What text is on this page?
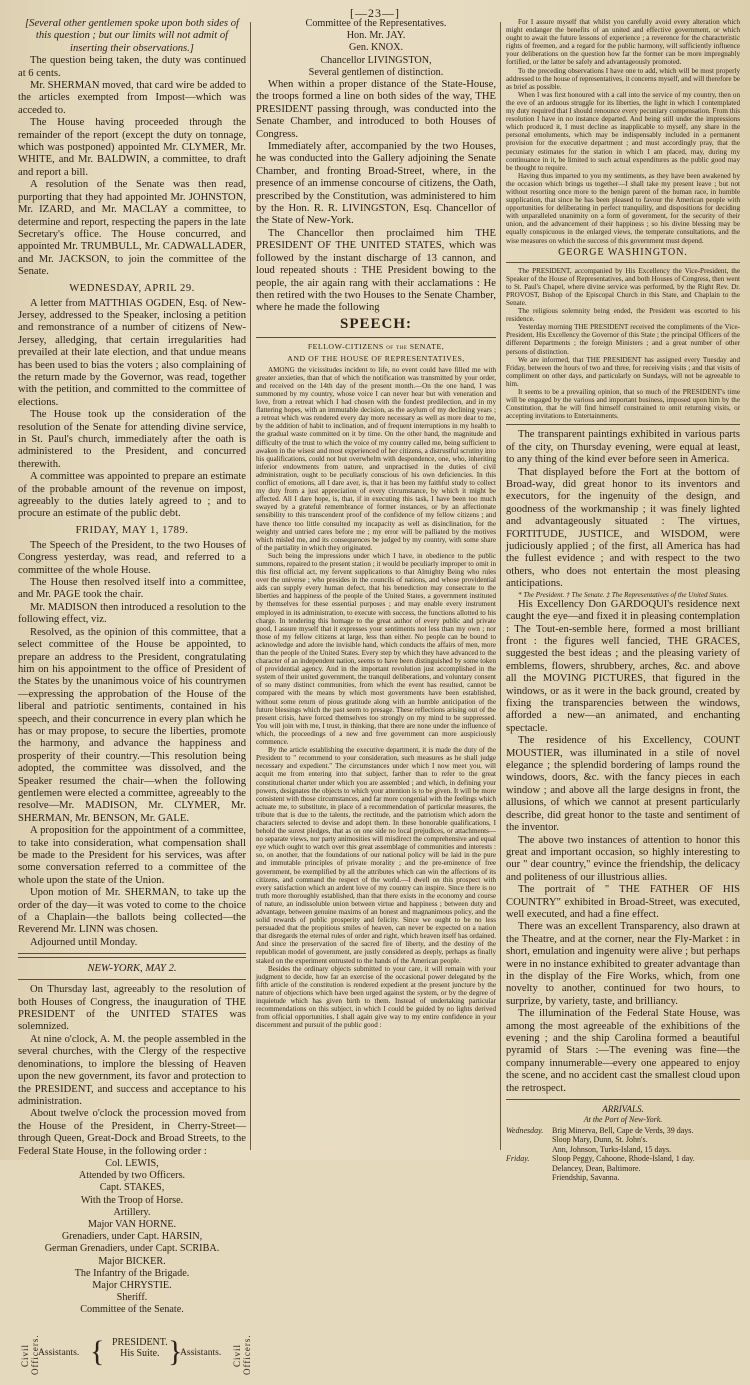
[—23—]

[Several other gentlemen spoke upon both sides of this question ; but our limits will not admit of inserting their observations.]

The question being taken, the duty was continued at 6 cents.

Mr. SHERMAN moved, that card wire be added to the articles exempted from Impost—which was acceded to.

The House having proceeded through the remainder of the report (except the duty on tonnage, which was postponed) appointed Mr. CLYMER, Mr. WHITE, and Mr. BALDWIN, a committee, to draft and report a bill.

A resolution of the Senate was then read, purporting that they had appointed Mr. JOHNSTON, Mr. IZARD, and Mr. MACLAY a committee, to determine and report, respecting the papers in the late Secretary's office. The House concurred, and appointed Mr. TRUMBULL, Mr. CADWALLADER, and Mr. JACKSON, to join the committee of the Senate.

WEDNESDAY, APRIL 29.

A letter from MATTHIAS OGDEN, Esq. of New-Jersey, addressed to the Speaker, inclosing a petition and remonstrance of a number of citizens of New-Jersey, alledging, that certain irregularities had prevailed at their late election, and that undue means has been used to bias the voters ; also complaining of the return made by the Governor, was read, together with the petition, and committed to the committee of elections.

The House took up the consideration of the resolution of the Senate for attending divine service, in St. Paul's church, immediately after the oath is administered to the President, and concurred therewith.

A committee was appointed to prepare an estimate of the probable amount of the revenue on impost, agreeably to the duties lately agreed to ; and to procure an estimate of the public debt.

FRIDAY, MAY 1, 1789.

The Speech of the President, to the two Houses of Congress yesterday, was read, and referred to a committee of the whole House.

The House then resolved itself into a committee, and Mr. PAGE took the chair.

Mr. MADISON then introduced a resolution to the following effect, viz.

Resolved, as the opinion of this committee, that a select committee of the House be appointed, to prepare an address to the President, congratulating him on his appointment to the office of President of the States by the unanimous voice of his countrymen—expressing the approbation of the House of the liberal and patriotic sentiments, contained in his speech, and their concurrence in every plan which he has or may propose, to secure the liberties, promote the harmony, and advance the happiness and prosperity of their country.—This resolution being adopted, the committee was dissolved, and the Speaker resumed the chair—when the following gentlemen were elected a committee, agreeably to the resolve—Mr. MADISON, Mr. CLYMER, Mr. SHERMAN, Mr. BENSON, Mr. GALE.

A proposition for the appointment of a committee, to take into consideration, what compensation shall be made to the President for his services, was after some conversation referred to a committee of the whole upon the state of the Union.

Upon motion of Mr. SHERMAN, to take up the order of the day—it was voted to come to the choice of a Chaplain—the ballots being collected—the Reverend Mr. LINN was chosen.

Adjourned until Monday.

NEW-YORK, MAY 2.

On Thursday last, agreeably to the resolution of both Houses of Congress, the inauguration of THE PRESIDENT of the UNITED STATES was solemnized.

At nine o'clock, A. M. the people assembled in the several churches, with the Clergy of the respective denominations, to implore the blessing of Heaven upon the new government, its favor and protection to the PRESIDENT, and success and acceptance to his administration.

About twelve o'clock the procession moved from the House of the President, in Cherry-Street—through Queen, Great-Dock and Broad Streets, to the Federal State House, in the following order :

Col. LEWIS,
Attended by two Officers.
Capt. STAKES,
With the Troop of Horse.
Artillery.
Major VAN HORNE.
Grenadiers, under Capt. HARSIN,
German Grenadiers, under Capt. SCRIBA.
Major BICKER.
The Infantry of the Brigade.
Major CHRYSTIE.
Sheriff.
Committee of the Senate.
Civil Officers.
Assistants. { PRESIDENT.
His Suite. }
Assistants. Civil Officers.
Committee of the Representatives.
Hon. Mr. JAY.
Gen. KNOX.
Chancellor LIVINGSTON,
Several gentlemen of distinction.

When within a proper distance of the State-House, the troops formed a line on both sides of the way, THE PRESIDENT passing through, was conducted into the Senate Chamber, and introduced to both Houses of Congress.

Immediately after, accompanied by the two Houses, he was conducted into the Gallery adjoining the Senate Chamber, and fronting Broad-Street, where, in the presence of an immense concourse of citizens, the Oath, prescribed by the Constitution, was administered to him by the Hon. R. R. LIVINGSTON, Esq. Chancellor of the State of New-York.

The Chancellor then proclaimed him THE PRESIDENT OF THE UNITED STATES, which was followed by the instant discharge of 13 cannon, and loud repeated shouts : THE President bowing to the people, the air again rang with their acclamations : He then retired with the two Houses to the Senate Chamber, where he made the following

SPEECH:
FELLOW-CITIZENS of the SENATE,
AND OF THE HOUSE OF REPRESENTATIVES,

AMONG the vicissitudes incident to life, no event could have filled me with greater anxieties, than that of which the notification was transmitted by your order, and received on the 14th day of the present month.—On the one hand, I was summoned by my country, whose voice I can never hear but with veneration and love, from a retreat which I had chosen with the fondest predilection, and in my flattering hopes, with an immutable decision, as the asylum of my declining years ; a retreat which was rendered every day more necessary as well as more dear to me, by the addition of habit to inclination, and of frequent interruptions in my health to the gradual waste committed on it by time. On the other hand, the magnitude and difficulty of the trust to which the voice of my country called me, being sufficient to awaken in the wisest and most experienced of her citizens, a distrustful scrutiny into his qualifications, could not but overwhelm with despondence, one, who, inheriting inferior endowments from nature, and unpractised in the duties of civil administration, ought to be peculiarly conscious of his own deficiencies. In this conflict of emotions, all I dare aver, is, that it has been my faithful study to collect my duty from a just appreciation of every circumstance, by which it might be affected. All I dare hope, is, that, if in executing this task, I have been too much swayed by a grateful remembrance of former instances, or by an affectionate sensibility to this transcendent proof of the confidence of my fellow citizens ; and have thence too little consulted my incapacity as well as disinclination, for the weighty and untried cares before me ; my error will be palliated by the motives which misled me, and its consequences be judged by my country, with some share of the partiality in which they originated.

Such being the impressions under which I have, in obedience to the public summons, repaired to the present station ; it would be peculiarly improper to omit in this first official act, my fervent supplications to that Almighty Being who rules over the universe ; who presides in the councils of nations, and whose providential aids can supply every human defect, that his benediction may consecrate to the liberties and happiness of the people of the United States, a government instituted by themselves for these essential purposes ; and may enable every instrument employed in its administration, to execute with success, the functions allotted to his charge. In tendering this homage to the great author of every public and private good, I assure myself that it expresses your sentiments not less than my own ; nor those of my fellow citizens at large, less than either. No people can be bound to acknowledge and adore the invisible hand, which conducts the affairs of men, more than the people of the United States. Every step by which they have advanced to the character of an independent nation, seems to have been distinguished by some token of providential agency. And in the important revolution just accomplished in the system of their united government, the tranquil deliberations, and voluntary consent of so many distinct communities, from which the event has resulted, cannot be compared with the means by which most governments have been established, without some return of pious gratitude along with an humble anticipation of the future blessings which the past seem to presage. These reflections arising out of the present crisis, have forced themselves too strongly on my mind to be suppressed. You will join with me, I trust, in thinking, that there are none under the influence of which, the proceedings of a new and free government can more auspiciously commence.

By the article establishing the executive department, it is made the duty of the President to " recommend to your consideration, such measures as he shall judge necessary and expedient." The circumstances under which I now meet you, will acquit me from entering into that subject, farther than to refer to the great constitutional charter under which you are assembled ; and which, in defining your powers, designates the objects to which your attention is to be given. It will be more consistent with those circumstances, and far more congenial with the feelings which actuate me, to substitute, in place of a recommendation of particular measures, the tribute that is due to the talents, the rectitude, and the patriotism which adorn the characters selected to devise and adopt them. In these honorable qualifications, I behold the surest pledges, that as on one side no local prejudices, or attachments—no separate views, nor party animosities will misdirect the comprehensive and equal eye which ought to watch over this great assemblage of communities and interests : so, on another, that the foundations of our national policy will be laid in the pure and immutable principles of private morality ; and the pre-eminence of free government, be exemplified by all the attributes which can win the affections of its citizens, and command the respect of the world.—I dwell on this prospect with every satisfaction which an ardent love of my country can inspire. Since there is no truth more thoroughly established, than that there exists in the economy and course of nature, an indissoluble union between virtue and happiness ; between duty and advantage, between genuine maxims of an honest and magnanimous policy, and the solid rewards of public prosperity and felicity. Since we ought to be no less persuaded that the propitious smiles of heaven, can never be expected on a nation that disregards the eternal rules of order and right, which heaven itself has ordained. And since the preservation of the sacred fire of liberty, and the destiny of the republican model of government, are justly considered as deeply, perhaps as finally staked on the experiment entrusted to the hands of the American people.

Besides the ordinary objects submitted to your care, it will remain with your judgment to decide, how far an exercise of the occasional power delegated by the fifth article of the constitution is rendered expedient at the present juncture by the nature of objections which have been urged against the system, or by the degree of inquietude which has given birth to them. Instead of undertaking particular recommendations on this subject, in which I could be guided by no lights derived from official opportunities, I shall again give way to my entire confidence in your discernment and pursuit of the public good :

For I assure myself that whilst you carefully avoid every alteration which might endanger the benefits of an united and effective government, or which ought to await the future lessons of experience ; a reverence for the characteristic rights of freemen, and a regard for the public harmony, will sufficiently influence your deliberations on the question how far the former can be more impregnably fortified, or the latter be safely and advantageously promoted.

To the preceding observations I have one to add, which will be most properly addressed to the house of representatives, it concerns myself, and will therefore be as brief as possible.

When I was first honoured with a call into the service of my country, then on the eve of an arduous struggle for its liberties, the light in which I contemplated my duty required that I should renounce every pecuniary compensation. From this resolution I have in no instance departed. And being still under the impressions which produced it, I must decline as inapplicable to myself, any share in the personal emoluments, which may be indispensably included in a permanent provision for the executive department ; and must accordingly pray, that the pecuniary estimates for the station in which I am placed, may, during my continuance in it, be limited to such actual expenditures as the public good may be thought to require.

Having thus imparted to you my sentiments, as they have been awakened by the occasion which brings us together—I shall take my present leave ; but not without resorting once more to the benign parent of the human race, in humble supplication, that since he has been pleased to favour the American people with opportunities for deliberating in perfect tranquility, and dispositions for deciding with unparalleled unanimity on a form of government, for the security of their union, and the advancement of their happiness ; so his divine blessing may be equally conspicuous in the enlarged views, the temperate consultations, and the wise measures on which the success of this government must depend.

GEORGE WASHINGTON.

The PRESIDENT, accompanied by His Excellency the Vice-President, the Speaker of the House of Representatives, and both Houses of Congress, then went to St. Paul's Chapel, where divine service was performed, by the Right Rev. Dr. PROVOST, Bishop of the Episcopal Church in this State, and Chaplain to the Senate.

The religious solemnity being ended, the President was escorted to his residence.

Yesterday morning THE PRESIDENT received the compliments of the Vice-President, His Excellency the Governor of this State ; the principal Officers of the different Departments ; the foreign Ministers ; and a great number of other persons of distinction.

We are informed, that THE PRESIDENT has assigned every Tuesday and Friday, between the hours of two and three, for receiving visits ; and that visits of compliment on other days, and particularly on Sundays, will not be agreeable to him.

It seems to be a prevailing opinion, that so much of the PRESIDENT's time will be engaged by the various and important business, imposed upon him by the Constitution, that he will find himself constrained to omit returning visits, or accepting invitations to Entertainments.

The transparent paintings exhibited in various parts of the city, on Thursday evening, were equal at least, to any thing of the kind ever before seen in America.

That displayed before the Fort at the bottom of Broad-way, did great honor to its inventors and executors, for the ingenuity of the design, and goodness of the workmanship ; it was finely lighted and advantageously situated : The virtues, FORTITUDE, JUSTICE, and WISDOM, were judiciously applied ; of the first, all America has had the fullest evidence ; and with respect to the two others, who does not entertain the most pleasing anticipations.

* The President. † The Senate. ‡ The Representatives of the United States.

His Excellency Don GARDOQUI's residence next caught the eye—and fixed it in pleasing contemplation : The Tout-en-semble here, formed a most brilliant front : the figures well fancied, THE GRACES, suggested the best ideas ; and the pleasing variety of emblems, flowers, shrubbery, arches, &c. and above all the MOVING PICTURES, that figured in the windows, or as it were in the back ground, created by fixing the transparencies between the windows, afforded a new—an animated, and enchanting spectacle.

The residence of his Excellency, COUNT MOUSTIER, was illuminated in a stile of novel elegance ; the splendid bordering of lamps round the windows, doors, &c. with the fancy pieces in each window ; and above all the large designs in front, the allusions, of which we cannot at present particularly describe, did great honor to the taste and sentiment of the inventor.

The above two instances of attention to honor this great and important occasion, so highly interesting to our " dear country," evince the friendship, the delicacy and politeness of our illustrious allies.

The portrait of " THE FATHER OF HIS COUNTRY" exhibited in Broad-Street, was executed, well executed, and had a fine effect.

There was an excellent Transparency, also drawn at the Theatre, and at the corner, near the Fly-Market : in short, emulation and ingenuity were alive ; but perhaps were in no instance exhibited to greater advantage than in the display of the Fire Works, which, from one novelty to another, continued for two hours, to surprize, by variety, taste, and brilliancy.

The illumination of the Federal State House, was among the most agreeable of the exhibitions of the evening ; and the ship Carolina formed a beautiful pyramid of Stars :—The evening was fine—the company innumerable—every one appeared to enjoy the scene, and no accident cast the smallest cloud upon the retrospect.

ARRIVALS.
At the Port of New-York.
Wednesday.	Brig Minerva, Bell, Cape de Verds, 39 days.
Sloop Mary, Dunn, St. John's.
Ann, Johnson, Turks-Island, 15 days.
Friday.	Sloop Peggy, Cahoone, Rhode-Island, 1 day.
Delancey, Dean, Baltimore.
Friendship, Savanna.
